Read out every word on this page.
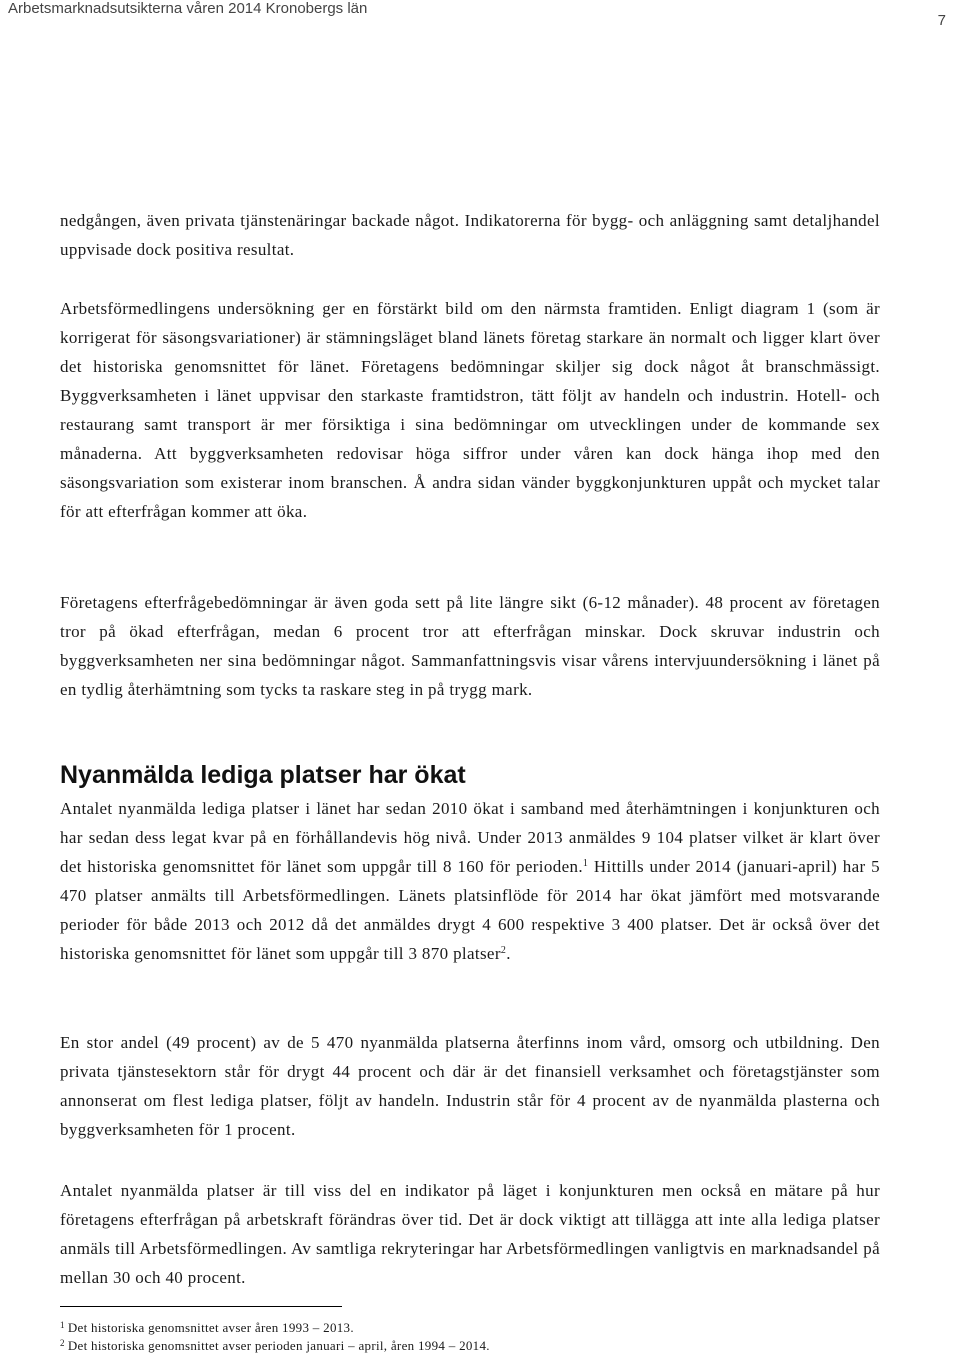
Arbetsmarknadsutsikterna våren 2014 Kronobergs län
7

nedgången, även privata tjänstenäringar backade något. Indikatorerna för bygg- och anläggning samt detaljhandel uppvisade dock positiva resultat.

Arbetsförmedlingens undersökning ger en förstärkt bild om den närmsta framtiden. Enligt diagram 1 (som är korrigerat för säsongsvariationer) är stämningsläget bland länets företag starkare än normalt och ligger klart över det historiska genomsnittet för länet. Företagens bedömningar skiljer sig dock något åt branschmässigt. Byggverksamheten i länet uppvisar den starkaste framtidstron, tätt följt av handeln och industrin. Hotell- och restaurang samt transport är mer försiktiga i sina bedömningar om utvecklingen under de kommande sex månaderna. Att byggverksamheten redovisar höga siffror under våren kan dock hänga ihop med den säsongsvariation som existerar inom branschen. Å andra sidan vänder byggkonjunkturen uppåt och mycket talar för att efterfrågan kommer att öka.

Företagens efterfrågebedömningar är även goda sett på lite längre sikt (6-12 månader). 48 procent av företagen tror på ökad efterfrågan, medan 6 procent tror att efterfrågan minskar. Dock skruvar industrin och byggverksamheten ner sina bedömningar något. Sammanfattningsvis visar vårens intervjuundersökning i länet på en tydlig återhämtning som tycks ta raskare steg in på trygg mark.

Nyanmälda lediga platser har ökat

Antalet nyanmälda lediga platser i länet har sedan 2010 ökat i samband med återhämtningen i konjunkturen och har sedan dess legat kvar på en förhållandevis hög nivå. Under 2013 anmäldes 9 104 platser vilket är klart över det historiska genomsnittet för länet som uppgår till 8 160 för perioden.$^1$ Hittills under 2014 (januari-april) har 5 470 platser anmälts till Arbetsförmedlingen. Länets platsinflöde för 2014 har ökat jämfört med motsvarande perioder för både 2013 och 2012 då det anmäldes drygt 4 600 respektive 3 400 platser. Det är också över det historiska genomsnittet för länet som uppgår till 3 870 platser$^2$.

En stor andel (49 procent) av de 5 470 nyanmälda platserna återfinns inom vård, omsorg och utbildning. Den privata tjänstesektorn står för drygt 44 procent och där är det finansiell verksamhet och företagstjänster som annonserat om flest lediga platser, följt av handeln. Industrin står för 4 procent av de nyanmälda plasterna och byggverksamheten för 1 procent.

Antalet nyanmälda platser är till viss del en indikator på läget i konjunkturen men också en mätare på hur företagens efterfrågan på arbetskraft förändras över tid. Det är dock viktigt att tillägga att inte alla lediga platser anmäls till Arbetsförmedlingen. Av samtliga rekryteringar har Arbetsförmedlingen vanligtvis en marknadsandel på mellan 30 och 40 procent.

$^1$ Det historiska genomsnittet avser åren 1993 – 2013.

$^2$ Det historiska genomsnittet avser perioden januari – april, åren 1994 – 2014.
